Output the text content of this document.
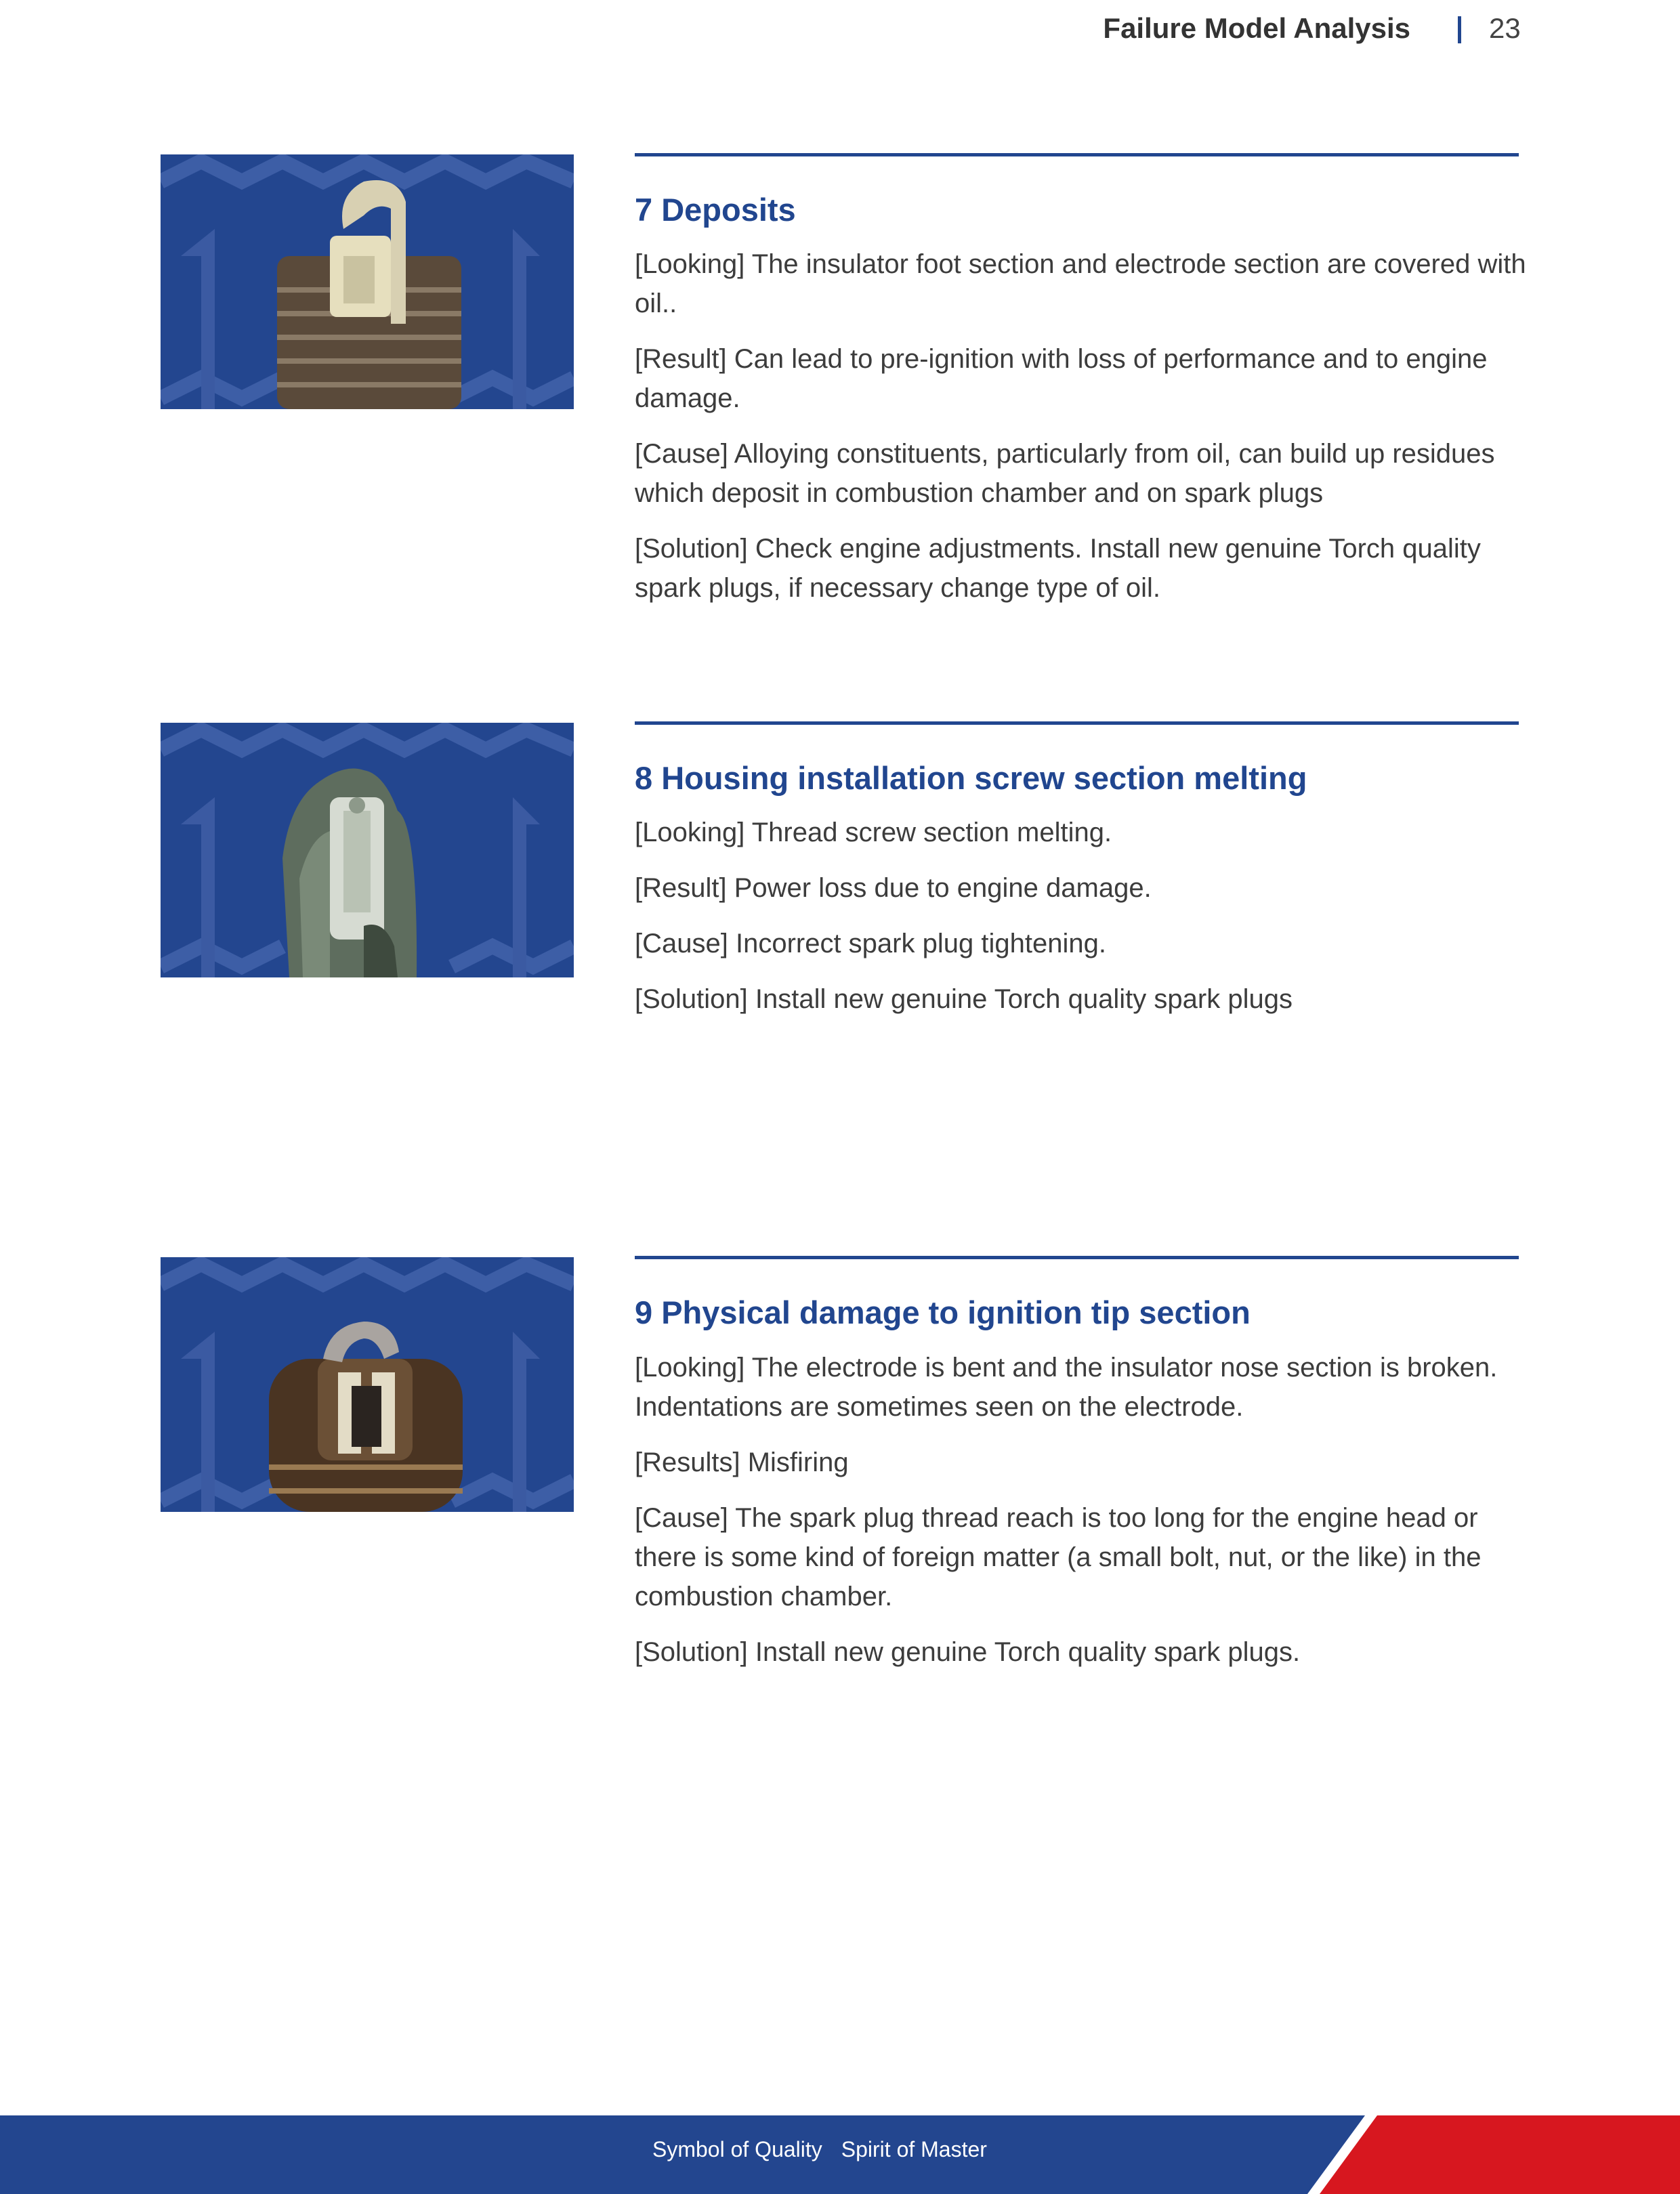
Failure Model Analysis	23
7 Deposits

[Looking] The insulator foot section and electrode section are covered with oil..

[Result] Can lead to pre-ignition with loss of performance and to engine damage.

[Cause] Alloying constituents, particularly from oil, can build up residues which deposit in combustion chamber and on spark plugs

[Solution] Check engine adjustments. Install new genuine Torch quality spark plugs, if necessary change type of oil.

8 Housing installation screw section melting

[Looking] Thread screw section melting.

[Result] Power loss due to engine damage.

[Cause] Incorrect spark plug tightening.

[Solution] Install new genuine Torch quality spark plugs

9 Physical damage to ignition tip section

[Looking] The electrode is bent and the insulator nose section is broken. Indentations are sometimes seen on the electrode.

[Results] Misfiring

[Cause] The spark plug thread reach is too long for the engine head or there is some kind of foreign matter (a small bolt, nut, or the like) in the combustion chamber.

[Solution] Install new genuine Torch quality spark plugs.

Symbol of Quality Spirit of Master
